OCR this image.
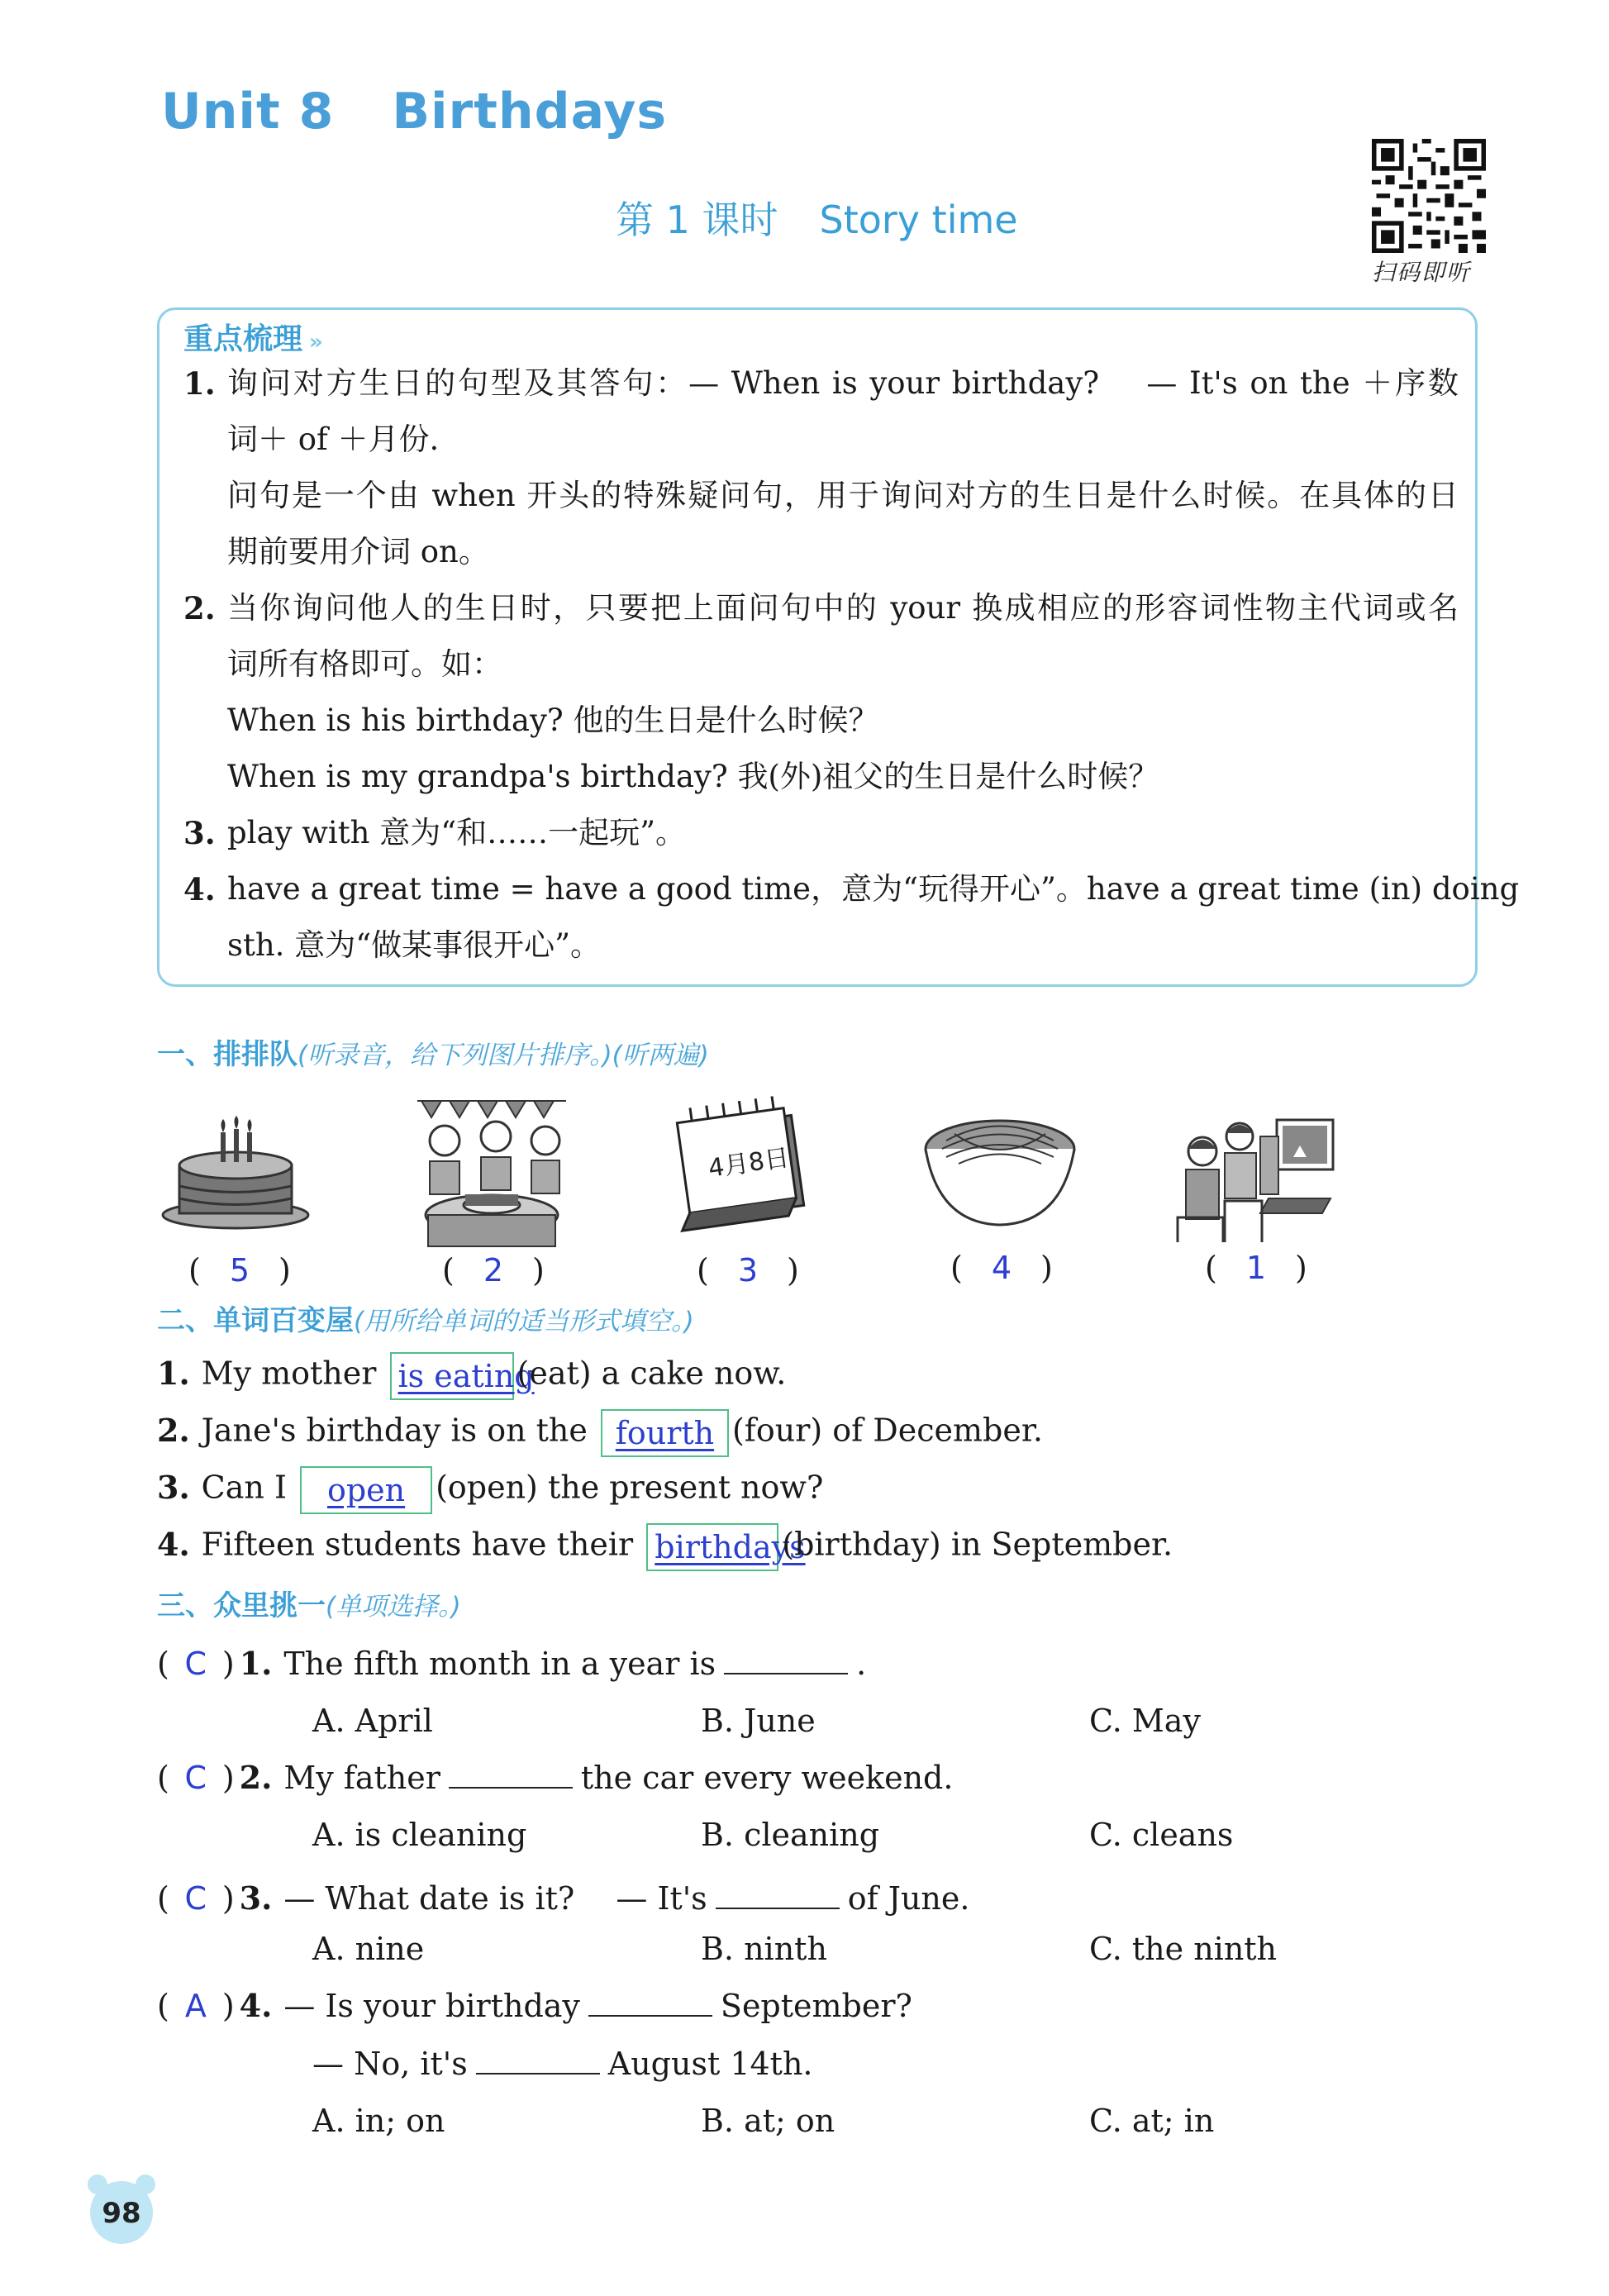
Unit 8 Birthdays
第 1 课时 Story time
扫码即听
重点梳理 »
1. 询问对方生日的句型及其答句：— When is your birthday?　 — It's on the ＋序数
词＋ of ＋月份.
问句是一个由 when 开头的特殊疑问句，用于询问对方的生日是什么时候。在具体的日
期前要用介词 on。
2. 当你询问他人的生日时，只要把上面问句中的 your 换成相应的形容词性物主代词或名
词所有格即可。如：
When is his birthday? 他的生日是什么时候？
When is my grandpa's birthday? 我(外)祖父的生日是什么时候？
3. play with 意为“和……一起玩”。
4. have a great time = have a good time，意为“玩得开心”。have a great time (in) doing
sth. 意为“做某事很开心”。
一、排排队(听录音，给下列图片排序。)(听两遍)
4月8日
( 5 )	( 2 )	( 3 )	( 4 )	( 1 )
二、单词百变屋(用所给单词的适当形式填空。)
1. My mother is eating(eat) a cake now.
2. Jane's birthday is on the fourth (four) of December.
3. Can I open (open) the present now?
4. Fifteen students have their birthdays(birthday) in September.
三、众里挑一(单项选择。)
( C ) 1. The fifth month in a year is	.
A. April	B. June	C. May
( C ) 2. My father	the car every weekend.
A. is cleaning	B. cleaning	C. cleans
( C ) 3. — What date is it?　 — It's	of June.
A. nine	B. ninth	C. the ninth
( A ) 4. — Is your birthday	September?
— No, it's	August 14th.
A. in; on	B. at; on	C. at; in
98
